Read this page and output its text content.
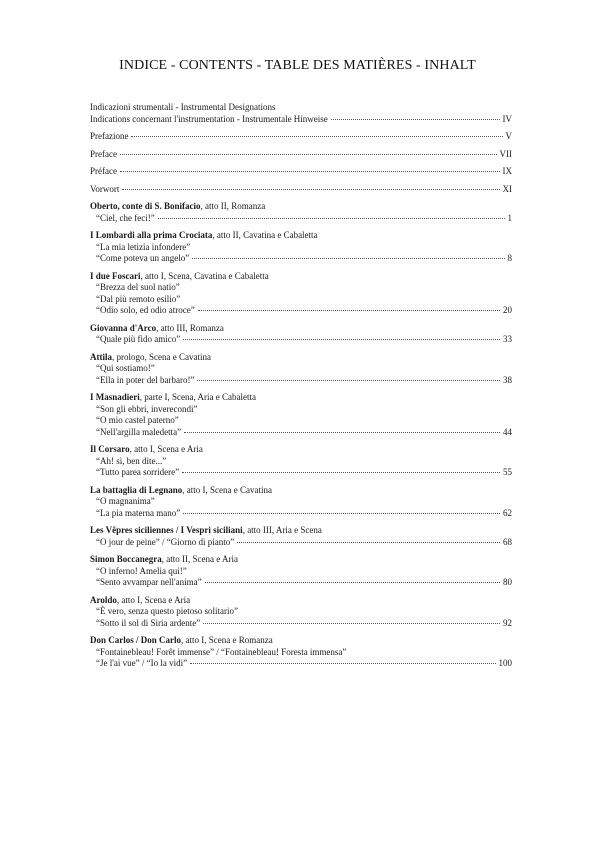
INDICE - CONTENTS - TABLE DES MATIÈRES - INHALT
Indicazioni strumentali - Instrumental Designations
Indications concernant l'instrumentation - Instrumentale Hinweise	IV
Prefazione	V
Preface	VII
Préface	IX
Vorwort	XI
Oberto, conte di S. Bonifacio, atto II, Romanza
“Ciel, che feci!”	1
I Lombardi alla prima Crociata, atto II, Cavatina e Cabaletta
“La mia letizia infondere”
“Come poteva un angelo”	8
I due Foscari, atto I, Scena, Cavatina e Cabaletta
“Brezza del suol natio”
“Dal più remoto esilio”
“Odio solo, ed odio atroce”	20
Giovanna d'Arco, atto III, Romanza
“Quale più fido amico”	33
Attila, prologo, Scena e Cavatina
“Qui sostiamo!”
“Ella in poter del barbaro!”	38
I Masnadieri, parte I, Scena, Aria e Cabaletta
“Son gli ebbri, inverecondi”
“O mio castel paterno”
“Nell'argilla maledetta”	44
Il Corsaro, atto I, Scena e Aria
“Ah! sì, ben dite...”
“Tutto parea sorridere”	55
La battaglia di Legnano, atto I, Scena e Cavatina
“O magnanima”
“La pia materna mano”	62
Les Vêpres siciliennes / I Vespri siciliani, atto III, Aria e Scena
“O jour de peine” / “Giorno di pianto”	68
Simon Boccanegra, atto II, Scena e Aria
“O inferno! Amelia qui!”
“Sento avvampar nell'anima”	80
Aroldo, atto I, Scena e Aria
“È vero, senza questo pietoso solitario”
“Sotto il sol di Siria ardente”	92
Don Carlos / Don Carlo, atto I, Scena e Romanza
“Fontainebleau! Forêt immense” / “Fontainebleau! Foresta immensa”
“Je l'ai vue” / “Io la vidi”	100
